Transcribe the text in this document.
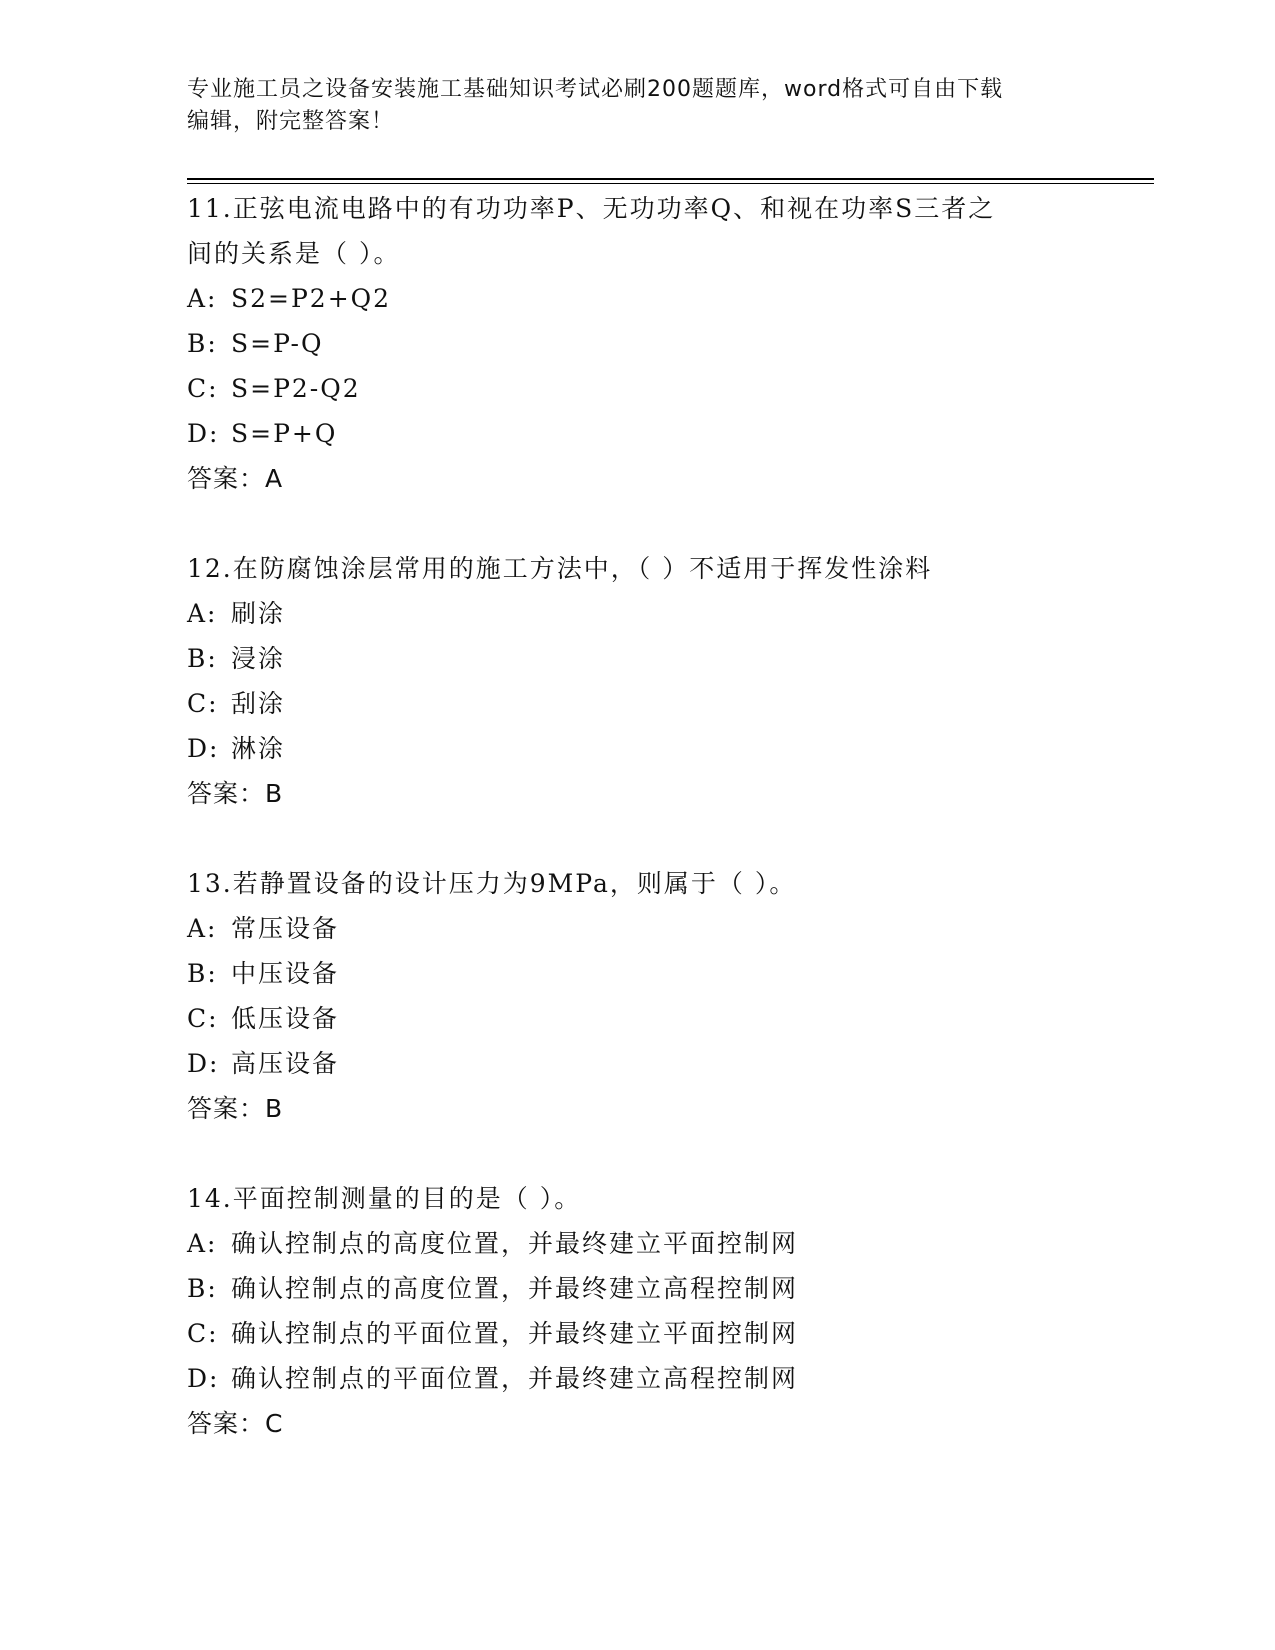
专业施工员之设备安装施工基础知识考试必刷200题题库，word格式可自由下载
编辑，附完整答案！
11.正弦电流电路中的有功功率P、无功功率Q、和视在功率S三者之
间的关系是（ ）。
A: S2=P2+Q2
B: S=P-Q
C: S=P2-Q2
D: S=P+Q
答案：A
12.在防腐蚀涂层常用的施工方法中，（ ）不适用于挥发性涂料
A: 刷涂
B: 浸涂
C: 刮涂
D: 淋涂
答案：B
13.若静置设备的设计压力为9MPa，则属于（ ）。
A: 常压设备
B: 中压设备
C: 低压设备
D: 高压设备
答案：B
14.平面控制测量的目的是（ ）。
A: 确认控制点的高度位置，并最终建立平面控制网
B: 确认控制点的高度位置，并最终建立高程控制网
C: 确认控制点的平面位置，并最终建立平面控制网
D: 确认控制点的平面位置，并最终建立高程控制网
答案：C
